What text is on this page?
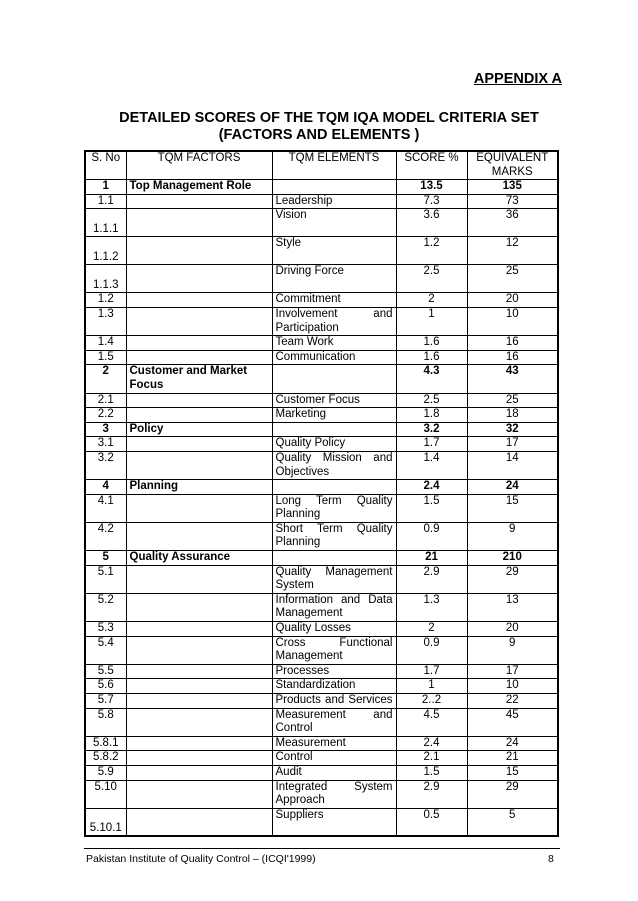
APPENDIX A
DETAILED SCORES OF THE TQM IQA MODEL CRITERIA SET
(FACTORS AND ELEMENTS )
S. No	TQM FACTORS	TQM ELEMENTS	SCORE %	EQUIVALENT MARKS
1	Top Management Role		13.5	135
1.1		Leadership	7.3	73
1.1.1		Vision	3.6	36
1.1.2		Style	1.2	12
1.1.3		Driving Force	2.5	25
1.2		Commitment	2	20
1.3		Involvement and Participation	1	10
1.4		Team Work	1.6	16
1.5		Communication	1.6	16
2	Customer and Market Focus		4.3	43
2.1		Customer Focus	2.5	25
2.2		Marketing	1.8	18
3	Policy		3.2	32
3.1		Quality Policy	1.7	17
3.2		Quality Mission and Objectives	1.4	14
4	Planning		2.4	24
4.1		Long Term Quality Planning	1.5	15
4.2		Short Term Quality Planning	0.9	9
5	Quality Assurance		21	210
5.1		Quality Management System	2.9	29
5.2		Information and Data Management	1.3	13
5.3		Quality Losses	2	20
5.4		Cross Functional Management	0.9	9
5.5		Processes	1.7	17
5.6		Standardization	1	10
5.7		Products and Services	2..2	22
5.8		Measurement and Control	4.5	45
5.8.1		Measurement	2.4	24
5.8.2		Control	2.1	21
5.9		Audit	1.5	15
5.10		Integrated System Approach	2.9	29
5.10.1		Suppliers	0.5	5
Pakistan Institute of Quality Control – (ICQI'1999)	8
